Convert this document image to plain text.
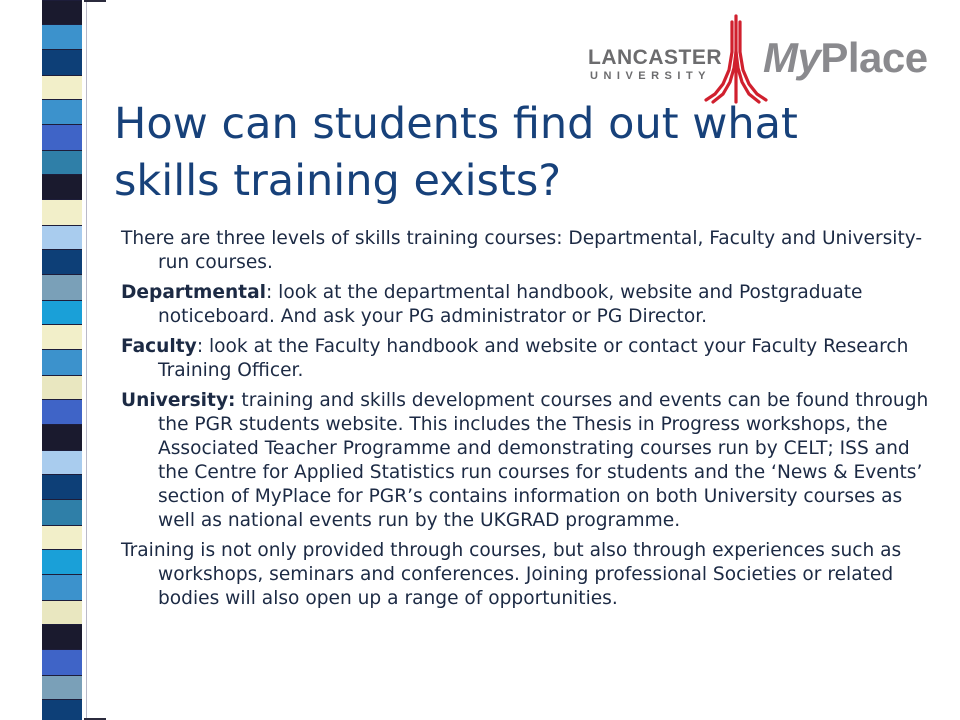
LANCASTER
UNIVERSITY MyPlace
How can students find out what skills training exists?

There are three levels of skills training courses: Departmental, Faculty and University-run courses.

Departmental: look at the departmental handbook, website and Postgraduate noticeboard. And ask your PG administrator or PG Director.

Faculty: look at the Faculty handbook and website or contact your Faculty Research Training Officer.

University: training and skills development courses and events can be found through the PGR students website. This includes the Thesis in Progress workshops, the Associated Teacher Programme and demonstrating courses run by CELT; ISS and the Centre for Applied Statistics run courses for students and the ‘News & Events’ section of MyPlace for PGR’s contains information on both University courses as well as national events run by the UKGRAD programme.

Training is not only provided through courses, but also through experiences such as workshops, seminars and conferences. Joining professional Societies or related bodies will also open up a range of opportunities.
